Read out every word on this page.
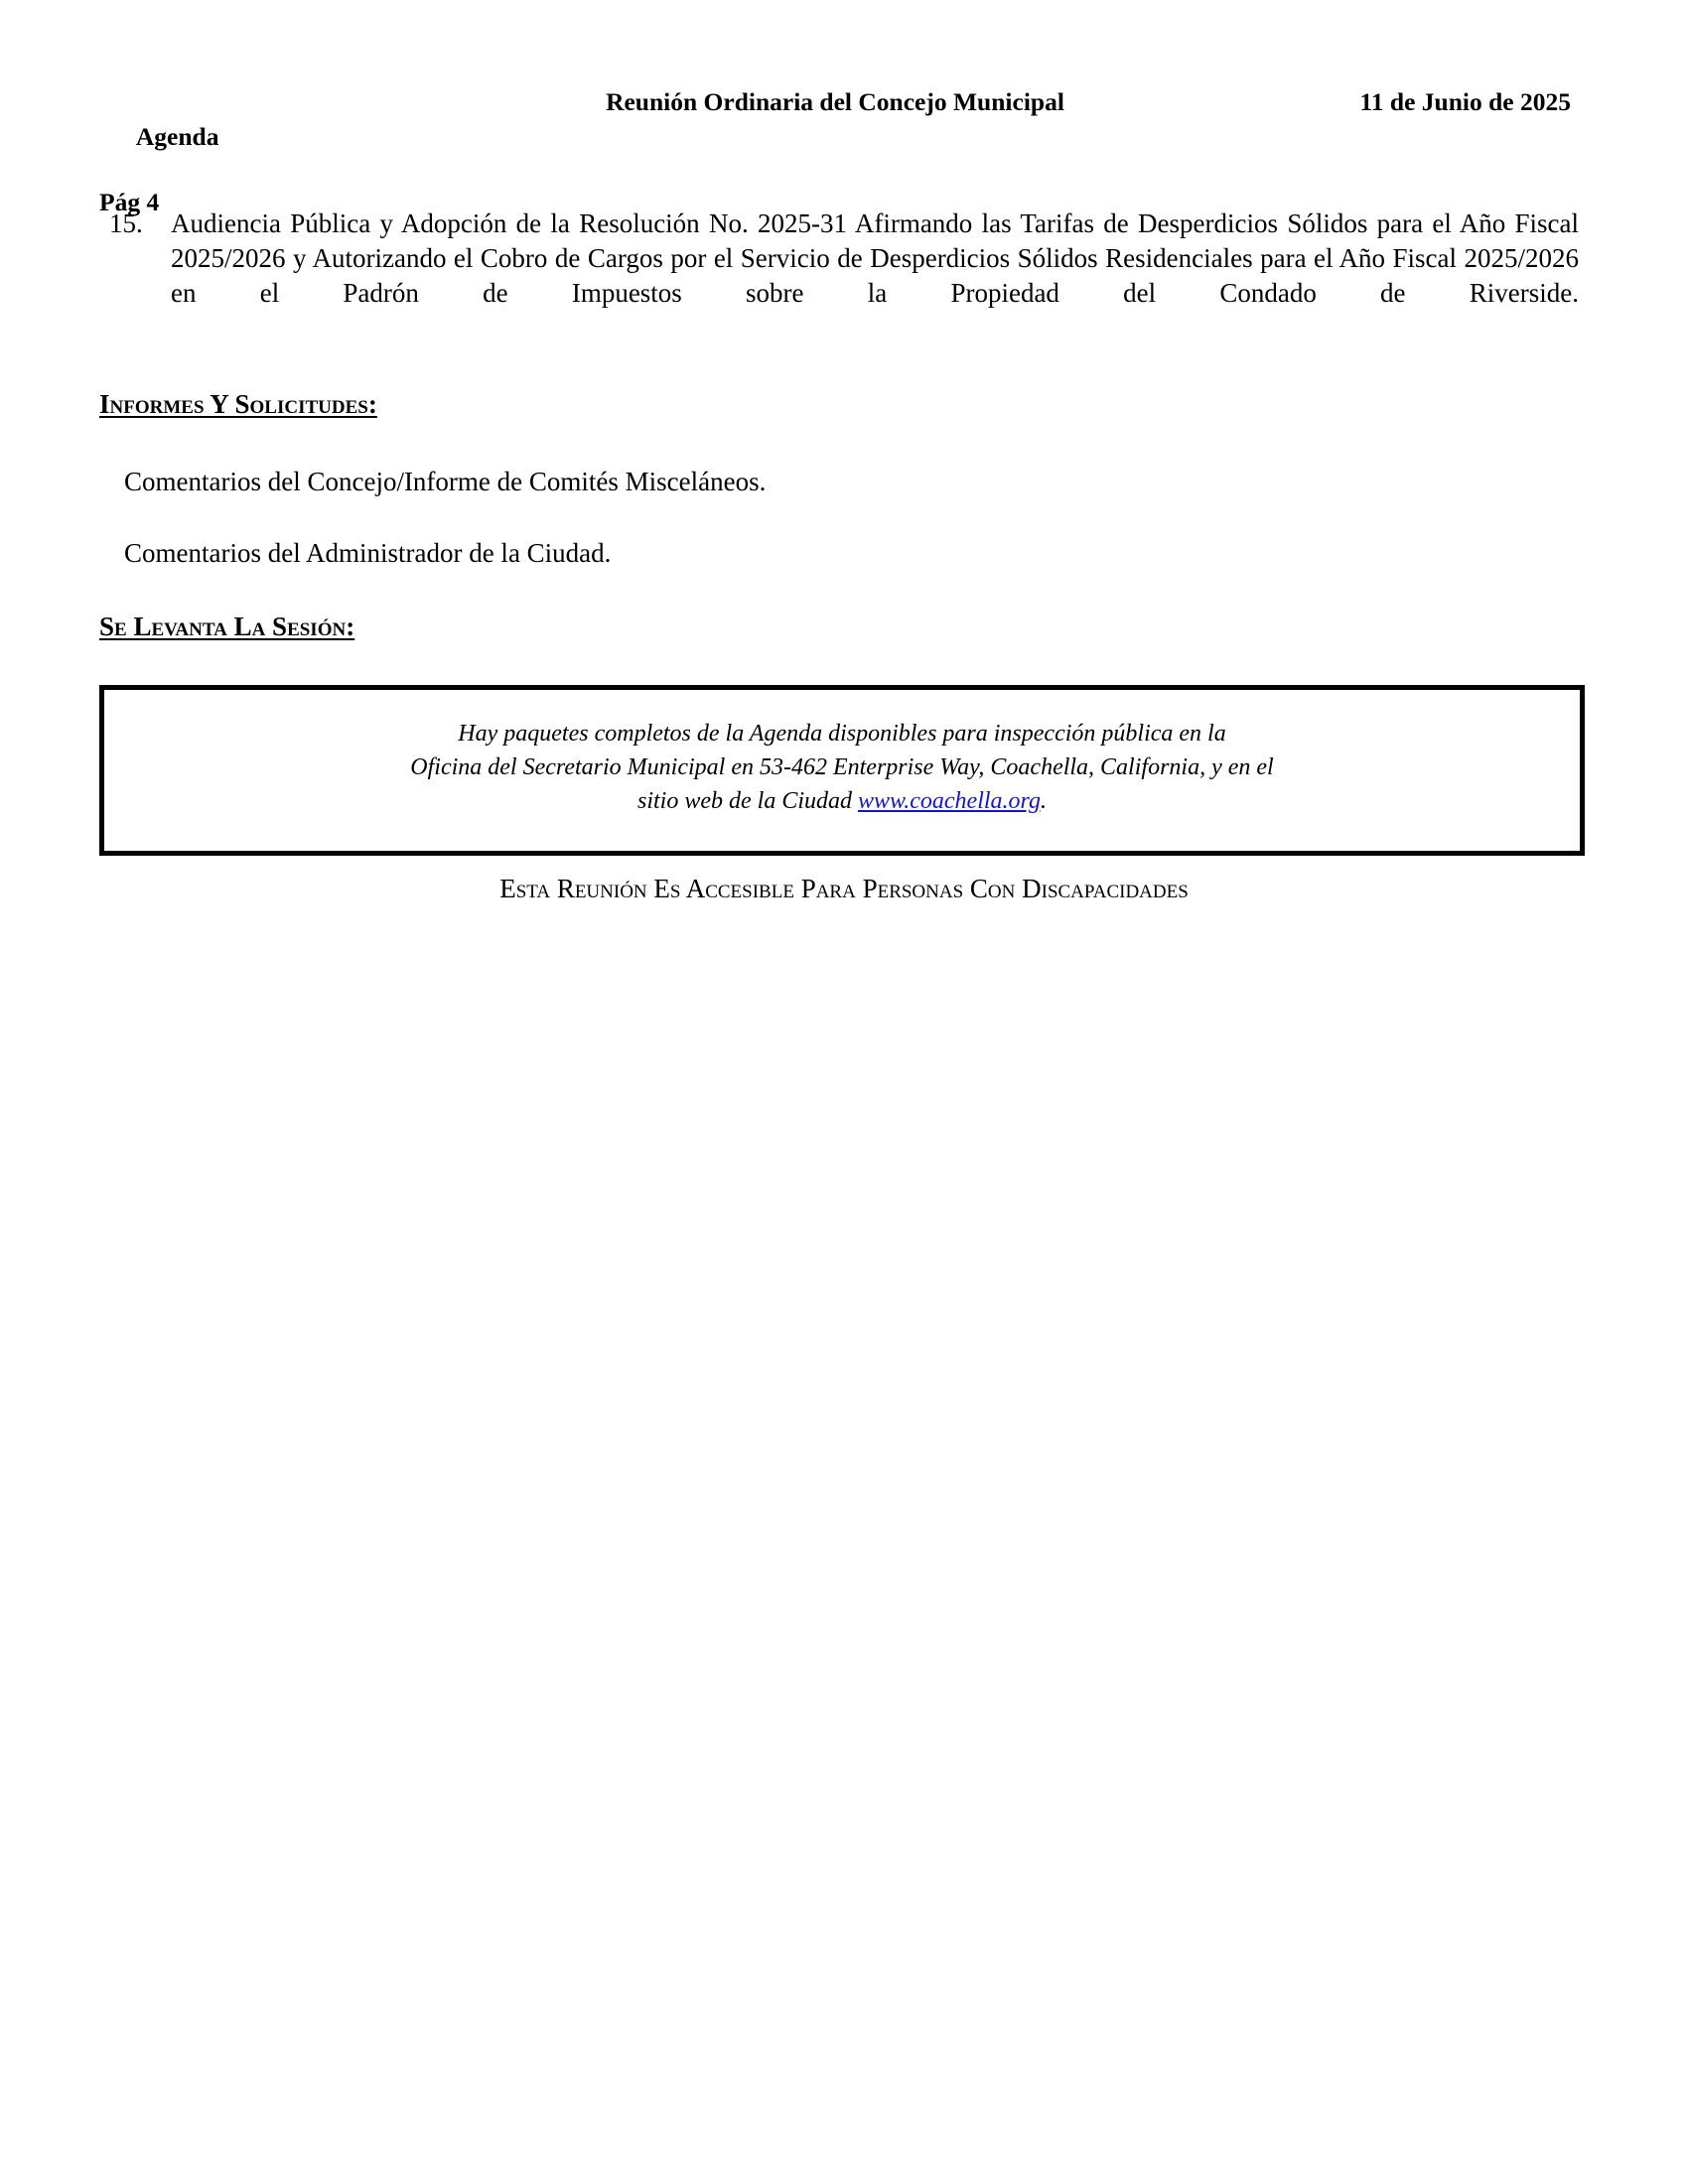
Agenda

Pág 4

Reunión Ordinaria del Concejo Municipal	11 de Junio de 2025
15.	Audiencia Pública y Adopción de la Resolución No. 2025-31 Afirmando las Tarifas de Desperdicios Sólidos para el Año Fiscal 2025/2026 y Autorizando el Cobro de Cargos por el Servicio de Desperdicios Sólidos Residenciales para el Año Fiscal 2025/2026 en el Padrón de Impuestos sobre la Propiedad del Condado de Riverside.
Informes Y Solicitudes:
Comentarios del Concejo/Informe de Comités Misceláneos.
Comentarios del Administrador de la Ciudad.
Se Levanta La Sesión:
Hay paquetes completos de la Agenda disponibles para inspección pública en la
Oficina del Secretario Municipal en 53-462 Enterprise Way, Coachella, California, y en el
sitio web de la Ciudad www.coachella.org.
Esta Reunión Es Accesible Para Personas Con Discapacidades
